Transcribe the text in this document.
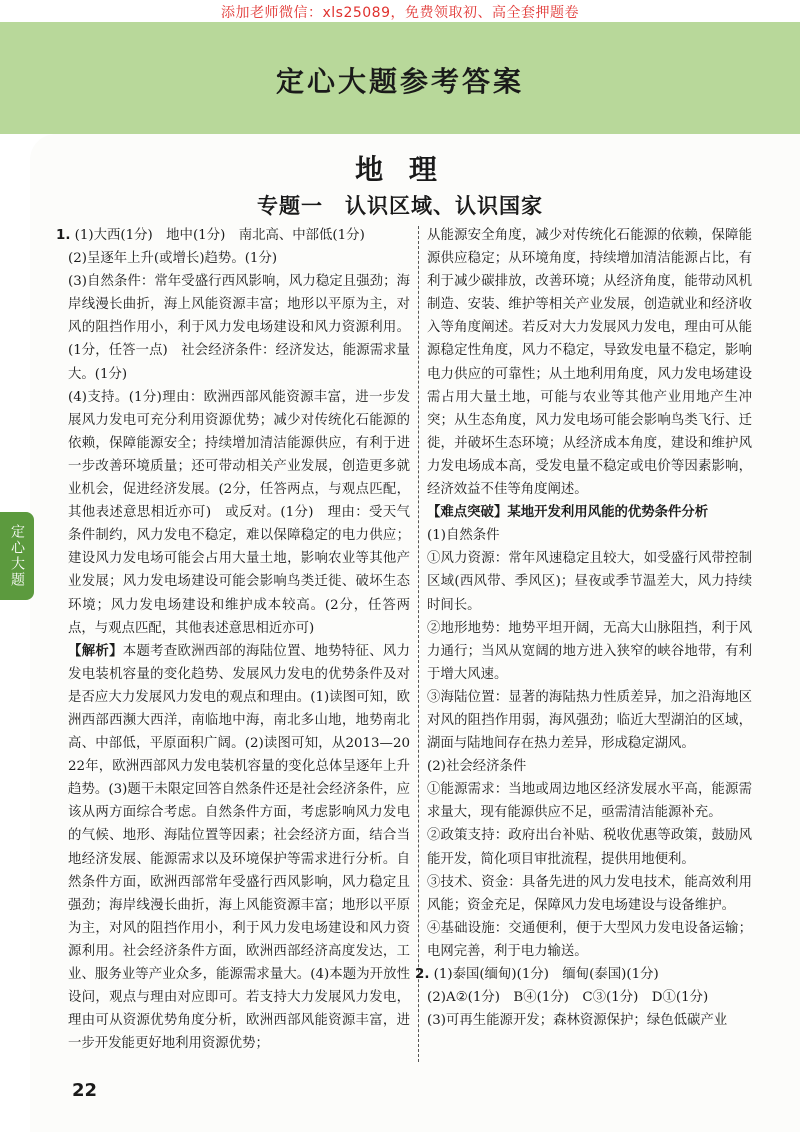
添加老师微信：xls25089，免费领取初、高全套押题卷
定心大题参考答案
地 理
专题一　认识区域、认识国家
定心大题

1. (1)大西(1分)　地中(1分)　南北高、中部低(1分)

(2)呈逐年上升(或增长)趋势。(1分)

(3)自然条件：常年受盛行西风影响，风力稳定且强劲；海岸线漫长曲折，海上风能资源丰富；地形以平原为主，对风的阻挡作用小，利于风力发电场建设和风力资源利用。(1分，任答一点)　社会经济条件：经济发达，能源需求量大。(1分)

(4)支持。(1分)理由：欧洲西部风能资源丰富，进一步发展风力发电可充分利用资源优势；减少对传统化石能源的依赖，保障能源安全；持续增加清洁能源供应，有利于进一步改善环境质量；还可带动相关产业发展，创造更多就业机会，促进经济发展。(2分，任答两点，与观点匹配，其他表述意思相近亦可)　或反对。(1分)　理由：受天气条件制约，风力发电不稳定，难以保障稳定的电力供应；建设风力发电场可能会占用大量土地，影响农业等其他产业发展；风力发电场建设可能会影响鸟类迁徙、破坏生态环境；风力发电场建设和维护成本较高。(2分，任答两点，与观点匹配，其他表述意思相近亦可)

【解析】本题考查欧洲西部的海陆位置、地势特征、风力发电装机容量的变化趋势、发展风力发电的优势条件及对是否应大力发展风力发电的观点和理由。(1)读图可知，欧洲西部西濒大西洋，南临地中海，南北多山地，地势南北高、中部低，平原面积广阔。(2)读图可知，从2013—2022年，欧洲西部风力发电装机容量的变化总体呈逐年上升趋势。(3)题干未限定回答自然条件还是社会经济条件，应该从两方面综合考虑。自然条件方面，考虑影响风力发电的气候、地形、海陆位置等因素；社会经济方面，结合当地经济发展、能源需求以及环境保护等需求进行分析。自然条件方面，欧洲西部常年受盛行西风影响，风力稳定且强劲；海岸线漫长曲折，海上风能资源丰富；地形以平原为主，对风的阻挡作用小，利于风力发电场建设和风力资源利用。社会经济条件方面，欧洲西部经济高度发达，工业、服务业等产业众多，能源需求量大。(4)本题为开放性设问，观点与理由对应即可。若支持大力发展风力发电，理由可从资源优势角度分析，欧洲西部风能资源丰富，进一步开发能更好地利用资源优势；

从能源安全角度，减少对传统化石能源的依赖，保障能源供应稳定；从环境角度，持续增加清洁能源占比，有利于减少碳排放，改善环境；从经济角度，能带动风机制造、安装、维护等相关产业发展，创造就业和经济收入等角度阐述。若反对大力发展风力发电，理由可从能源稳定性角度，风力不稳定，导致发电量不稳定，影响电力供应的可靠性；从土地利用角度，风力发电场建设需占用大量土地，可能与农业等其他产业用地产生冲突；从生态角度，风力发电场可能会影响鸟类飞行、迁徙，并破坏生态环境；从经济成本角度，建设和维护风力发电场成本高，受发电量不稳定或电价等因素影响，经济效益不佳等角度阐述。

【难点突破】某地开发利用风能的优势条件分析

(1)自然条件

①风力资源：常年风速稳定且较大，如受盛行风带控制区域(西风带、季风区)；昼夜或季节温差大，风力持续时间长。

②地形地势：地势平坦开阔，无高大山脉阻挡，利于风力通行；当风从宽阔的地方进入狭窄的峡谷地带，有利于增大风速。

③海陆位置：显著的海陆热力性质差异，加之沿海地区对风的阻挡作用弱，海风强劲；临近大型湖泊的区域，湖面与陆地间存在热力差异，形成稳定湖风。

(2)社会经济条件

①能源需求：当地或周边地区经济发展水平高，能源需求量大，现有能源供应不足，亟需清洁能源补充。

②政策支持：政府出台补贴、税收优惠等政策，鼓励风能开发，简化项目审批流程，提供用地便利。

③技术、资金：具备先进的风力发电技术，能高效利用风能；资金充足，保障风力发电场建设与设备维护。

④基础设施：交通便利，便于大型风力发电设备运输；电网完善，利于电力输送。

2. (1)泰国(缅甸)(1分)　缅甸(泰国)(1分)

(2)A②(1分)　B④(1分)　C③(1分)　D①(1分)

(3)可再生能源开发；森林资源保护；绿色低碳产业

22
